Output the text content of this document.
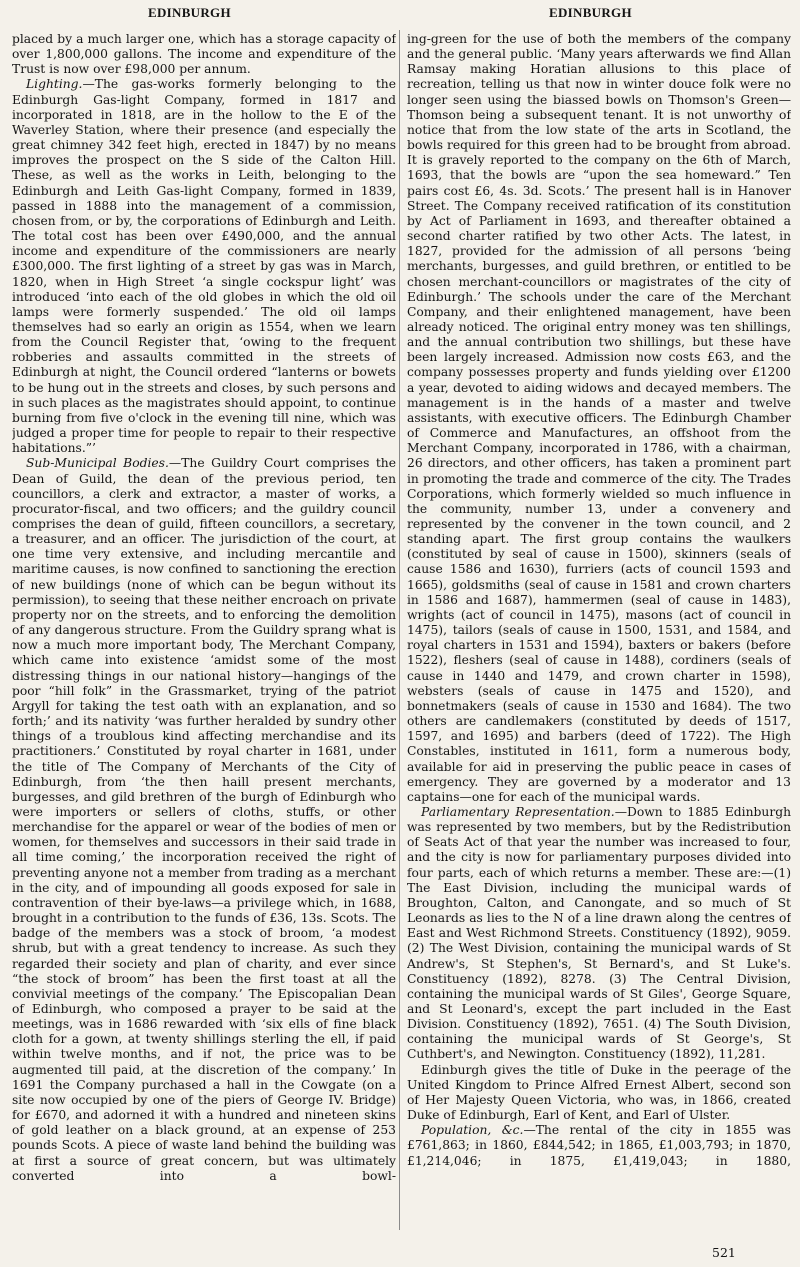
EDINBURGH	EDINBURGH

placed by a much larger one, which has a storage capacity of over 1,800,000 gallons. The income and expenditure of the Trust is now over £98,000 per annum.

Lighting.—The gas-works formerly belonging to the Edinburgh Gas-light Company, formed in 1817 and incorporated in 1818, are in the hollow to the E of the Waverley Station, where their presence (and especially the great chimney 342 feet high, erected in 1847) by no means improves the prospect on the S side of the Calton Hill. These, as well as the works in Leith, belonging to the Edinburgh and Leith Gas-light Company, formed in 1839, passed in 1888 into the management of a commission, chosen from, or by, the corporations of Edinburgh and Leith. The total cost has been over £490,000, and the annual income and expenditure of the commissioners are nearly £300,000. The first lighting of a street by gas was in March, 1820, when in High Street ‘a single cockspur light’ was introduced ‘into each of the old globes in which the old oil lamps were formerly suspended.’ The old oil lamps themselves had so early an origin as 1554, when we learn from the Council Register that, ‘owing to the frequent robberies and assaults committed in the streets of Edinburgh at night, the Council ordered “lanterns or bowets to be hung out in the streets and closes, by such persons and in such places as the magistrates should appoint, to continue burning from five o'clock in the evening till nine, which was judged a proper time for people to repair to their respective habitations.”’

Sub-Municipal Bodies.—The Guildry Court comprises the Dean of Guild, the dean of the previous period, ten councillors, a clerk and extractor, a master of works, a procurator-fiscal, and two officers; and the guildry council comprises the dean of guild, fifteen councillors, a secretary, a treasurer, and an officer. The jurisdiction of the court, at one time very extensive, and including mercantile and maritime causes, is now confined to sanctioning the erection of new buildings (none of which can be begun without its permission), to seeing that these neither encroach on private property nor on the streets, and to enforcing the demolition of any dangerous structure. From the Guildry sprang what is now a much more important body, The Merchant Company, which came into existence ‘amidst some of the most distressing things in our national history—hangings of the poor “hill folk” in the Grassmarket, trying of the patriot Argyll for taking the test oath with an explanation, and so forth;’ and its nativity ‘was further heralded by sundry other things of a troublous kind affecting merchandise and its practitioners.’ Constituted by royal charter in 1681, under the title of The Company of Merchants of the City of Edinburgh, from ‘the then haill present merchants, burgesses, and gild brethren of the burgh of Edinburgh who were importers or sellers of cloths, stuffs, or other merchandise for the apparel or wear of the bodies of men or women, for themselves and successors in their said trade in all time coming,’ the incorporation received the right of preventing anyone not a member from trading as a merchant in the city, and of impounding all goods exposed for sale in contravention of their bye-laws—a privilege which, in 1688, brought in a contribution to the funds of £36, 13s. Scots. The badge of the members was a stock of broom, ‘a modest shrub, but with a great tendency to increase. As such they regarded their society and plan of charity, and ever since “the stock of broom” has been the first toast at all the convivial meetings of the company.’ The Episcopalian Dean of Edinburgh, who composed a prayer to be said at the meetings, was in 1686 rewarded with ‘six ells of fine black cloth for a gown, at twenty shillings sterling the ell, if paid within twelve months, and if not, the price was to be augmented till paid, at the discretion of the company.’ In 1691 the Company purchased a hall in the Cowgate (on a site now occupied by one of the piers of George IV. Bridge) for £670, and adorned it with a hundred and nineteen skins of gold leather on a black ground, at an expense of 253 pounds Scots. A piece of waste land behind the building was at first a source of great concern, but was ultimately converted into a bowl-

ing-green for the use of both the members of the company and the general public. ‘Many years afterwards we find Allan Ramsay making Horatian allusions to this place of recreation, telling us that now in winter douce folk were no longer seen using the biassed bowls on Thomson's Green—Thomson being a subsequent tenant. It is not unworthy of notice that from the low state of the arts in Scotland, the bowls required for this green had to be brought from abroad. It is gravely reported to the company on the 6th of March, 1693, that the bowls are “upon the sea homeward.” Ten pairs cost £6, 4s. 3d. Scots.’ The present hall is in Hanover Street. The Company received ratification of its constitution by Act of Parliament in 1693, and thereafter obtained a second charter ratified by two other Acts. The latest, in 1827, provided for the admission of all persons ‘being merchants, burgesses, and guild brethren, or entitled to be chosen merchant-councillors or magistrates of the city of Edinburgh.’ The schools under the care of the Merchant Company, and their enlightened management, have been already noticed. The original entry money was ten shillings, and the annual contribution two shillings, but these have been largely increased. Admission now costs £63, and the company possesses property and funds yielding over £1200 a year, devoted to aiding widows and decayed members. The management is in the hands of a master and twelve assistants, with executive officers. The Edinburgh Chamber of Commerce and Manufactures, an offshoot from the Merchant Company, incorporated in 1786, with a chairman, 26 directors, and other officers, has taken a prominent part in promoting the trade and commerce of the city. The Trades Corporations, which formerly wielded so much influence in the community, number 13, under a convenery and represented by the convener in the town council, and 2 standing apart. The first group contains the waulkers (constituted by seal of cause in 1500), skinners (seals of cause 1586 and 1630), furriers (acts of council 1593 and 1665), goldsmiths (seal of cause in 1581 and crown charters in 1586 and 1687), hammermen (seal of cause in 1483), wrights (act of council in 1475), masons (act of council in 1475), tailors (seals of cause in 1500, 1531, and 1584, and royal charters in 1531 and 1594), baxters or bakers (before 1522), fleshers (seal of cause in 1488), cordiners (seals of cause in 1440 and 1479, and crown charter in 1598), websters (seals of cause in 1475 and 1520), and bonnetmakers (seals of cause in 1530 and 1684). The two others are candlemakers (constituted by deeds of 1517, 1597, and 1695) and barbers (deed of 1722). The High Constables, instituted in 1611, form a numerous body, available for aid in preserving the public peace in cases of emergency. They are governed by a moderator and 13 captains—one for each of the municipal wards.

Parliamentary Representation.—Down to 1885 Edinburgh was represented by two members, but by the Redistribution of Seats Act of that year the number was increased to four, and the city is now for parliamentary purposes divided into four parts, each of which returns a member. These are:—(1) The East Division, including the municipal wards of Broughton, Calton, and Canongate, and so much of St Leonards as lies to the N of a line drawn along the centres of East and West Richmond Streets. Constituency (1892), 9059. (2) The West Division, containing the municipal wards of St Andrew's, St Stephen's, St Bernard's, and St Luke's. Constituency (1892), 8278. (3) The Central Division, containing the municipal wards of St Giles', George Square, and St Leonard's, except the part included in the East Division. Constituency (1892), 7651. (4) The South Division, containing the municipal wards of St George's, St Cuthbert's, and Newington. Constituency (1892), 11,281.

Edinburgh gives the title of Duke in the peerage of the United Kingdom to Prince Alfred Ernest Albert, second son of Her Majesty Queen Victoria, who was, in 1866, created Duke of Edinburgh, Earl of Kent, and Earl of Ulster.

Population, &c.—The rental of the city in 1855 was £761,863; in 1860, £844,542; in 1865, £1,003,793; in 1870, £1,214,046; in 1875, £1,419,043; in 1880,

521
